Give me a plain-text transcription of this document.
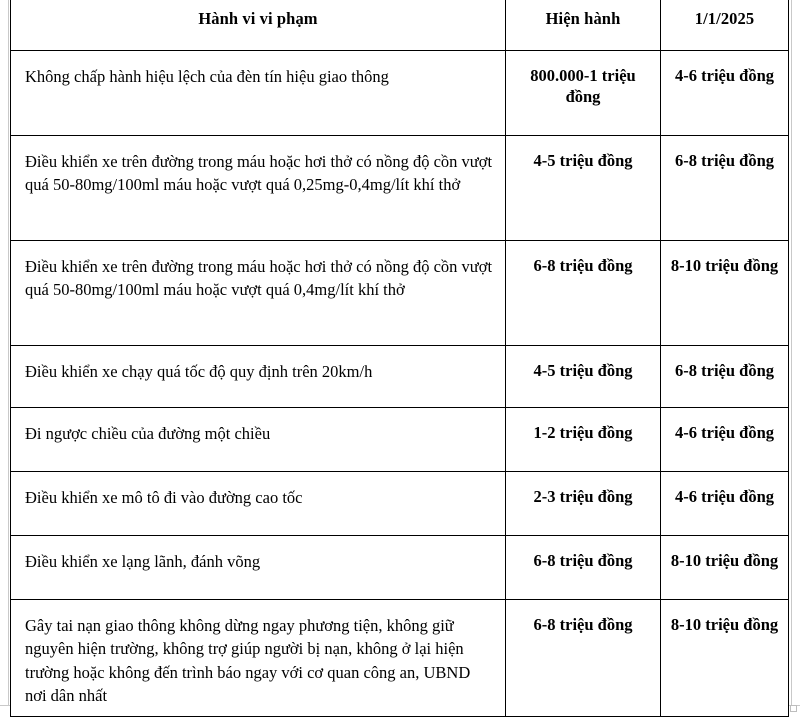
Hành vi vi phạm	Hiện hành	1/1/2025
Không chấp hành hiệu lệch của đèn tín hiệu giao thông	800.000-1 triệu đồng	4-6 triệu đồng
Điều khiển xe trên đường trong máu hoặc hơi thở có nồng độ cồn vượt quá 50-80mg/100ml máu hoặc vượt quá 0,25mg-0,4mg/lít khí thở	4-5 triệu đồng	6-8 triệu đồng
Điều khiển xe trên đường trong máu hoặc hơi thở có nồng độ cồn vượt quá 50-80mg/100ml máu hoặc vượt quá 0,4mg/lít khí thở	6-8 triệu đồng	8-10 triệu đồng
Điều khiển xe chạy quá tốc độ quy định trên 20km/h	4-5 triệu đồng	6-8 triệu đồng
Đi ngược chiều của đường một chiều	1-2 triệu đồng	4-6 triệu đồng
Điều khiển xe mô tô đi vào đường cao tốc	2-3 triệu đồng	4-6 triệu đồng
Điều khiển xe lạng lãnh, đánh võng	6-8 triệu đồng	8-10 triệu đồng
Gây tai nạn giao thông không dừng ngay phương tiện, không giữ nguyên hiện trường, không trợ giúp người bị nạn, không ở lại hiện trường hoặc không đến trình báo ngay với cơ quan công an, UBND nơi dân nhất	6-8 triệu đồng	8-10 triệu đồng
